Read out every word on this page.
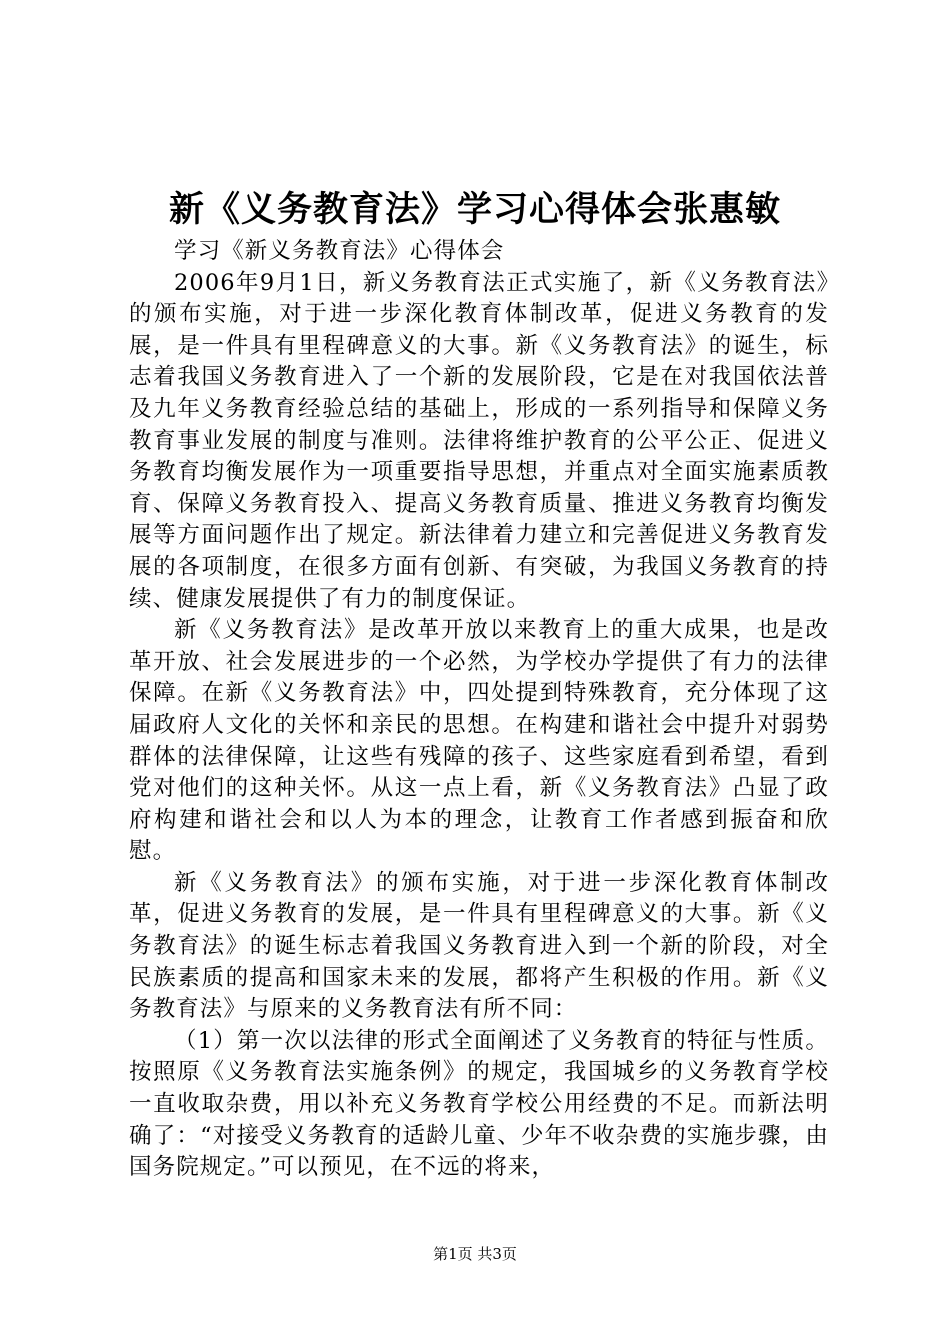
新《义务教育法》学习心得体会张惠敏

学习《新义务教育法》心得体会

2006年9月1日，新义务教育法正式实施了，新《义务教育法》的颁布实施，对于进一步深化教育体制改革，促进义务教育的发展，是一件具有里程碑意义的大事。新《义务教育法》的诞生，标志着我国义务教育进入了一个新的发展阶段，它是在对我国依法普及九年义务教育经验总结的基础上，形成的一系列指导和保障义务教育事业发展的制度与准则。法律将维护教育的公平公正、促进义务教育均衡发展作为一项重要指导思想，并重点对全面实施素质教育、保障义务教育投入、提高义务教育质量、推进义务教育均衡发展等方面问题作出了规定。新法律着力建立和完善促进义务教育发展的各项制度，在很多方面有创新、有突破，为我国义务教育的持续、健康发展提供了有力的制度保证。

新《义务教育法》是改革开放以来教育上的重大成果，也是改革开放、社会发展进步的一个必然，为学校办学提供了有力的法律保障。在新《义务教育法》中，四处提到特殊教育，充分体现了这届政府人文化的关怀和亲民的思想。在构建和谐社会中提升对弱势群体的法律保障，让这些有残障的孩子、这些家庭看到希望，看到党对他们的这种关怀。从这一点上看，新《义务教育法》凸显了政府构建和谐社会和以人为本的理念，让教育工作者感到振奋和欣慰。

新《义务教育法》的颁布实施，对于进一步深化教育体制改革，促进义务教育的发展，是一件具有里程碑意义的大事。新《义务教育法》的诞生标志着我国义务教育进入到一个新的阶段，对全民族素质的提高和国家未来的发展，都将产生积极的作用。新《义务教育法》与原来的义务教育法有所不同：

（1）第一次以法律的形式全面阐述了义务教育的特征与性质。按照原《义务教育法实施条例》的规定，我国城乡的义务教育学校一直收取杂费，用以补充义务教育学校公用经费的不足。而新法明确了：“对接受义务教育的适龄儿童、少年不收杂费的实施步骤，由国务院规定。”可以预见，在不远的将来，

第1页 共3页
